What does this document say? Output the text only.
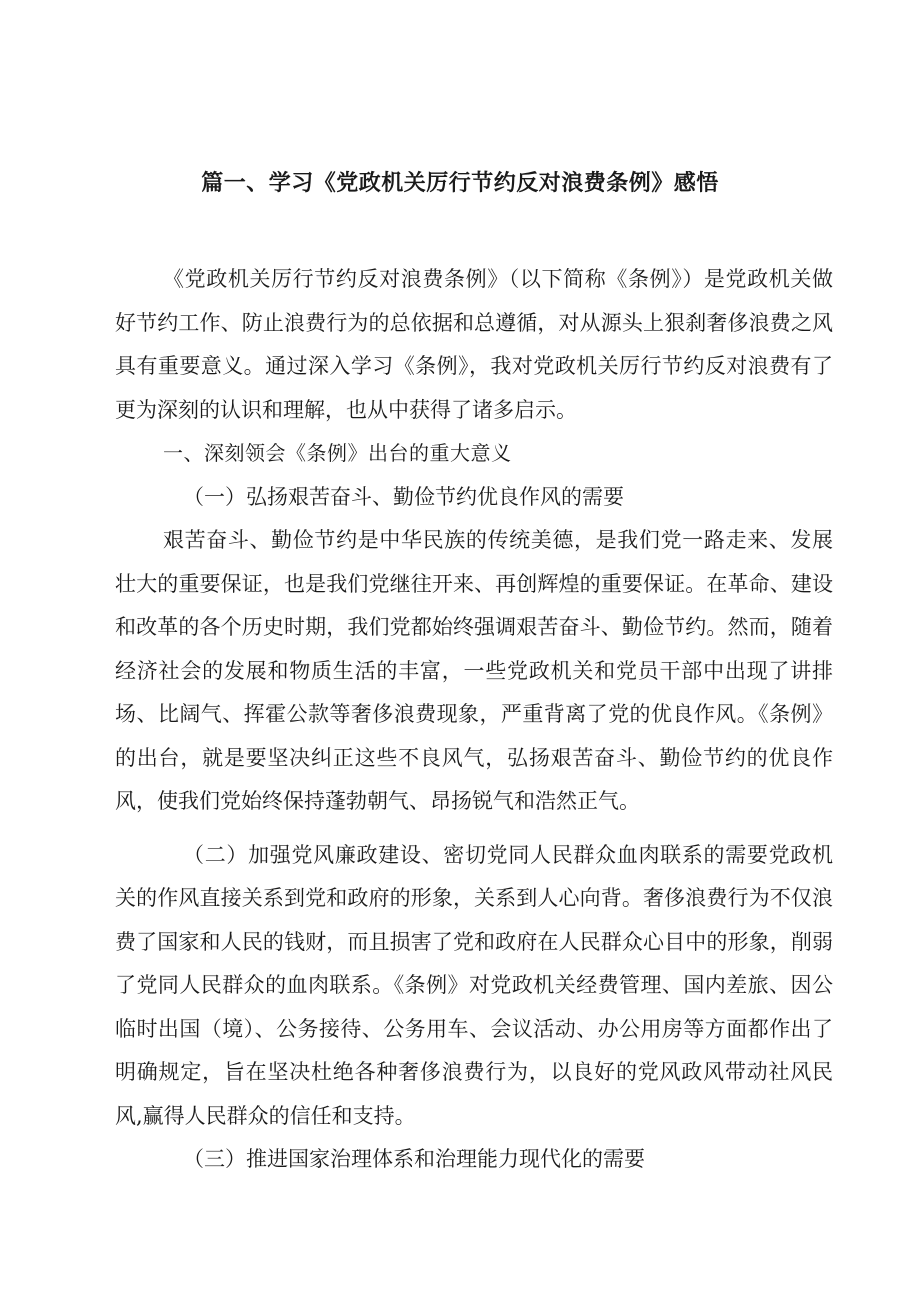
篇一、学习《党政机关厉行节约反对浪费条例》感悟

《党政机关厉行节约反对浪费条例》（以下简称《条例》）是党政机关做好节约工作、防止浪费行为的总依据和总遵循，对从源头上狠刹奢侈浪费之风具有重要意义。通过深入学习《条例》，我对党政机关厉行节约反对浪费有了更为深刻的认识和理解，也从中获得了诸多启示。

一、深刻领会《条例》出台的重大意义

（一）弘扬艰苦奋斗、勤俭节约优良作风的需要

艰苦奋斗、勤俭节约是中华民族的传统美德，是我们党一路走来、发展壮大的重要保证，也是我们党继往开来、再创辉煌的重要保证。在革命、建设和改革的各个历史时期，我们党都始终强调艰苦奋斗、勤俭节约。然而，随着经济社会的发展和物质生活的丰富，一些党政机关和党员干部中出现了讲排场、比阔气、挥霍公款等奢侈浪费现象，严重背离了党的优良作风。《条例》的出台，就是要坚决纠正这些不良风气，弘扬艰苦奋斗、勤俭节约的优良作风，使我们党始终保持蓬勃朝气、昂扬锐气和浩然正气。

（二）加强党风廉政建设、密切党同人民群众血肉联系的需要党政机关的作风直接关系到党和政府的形象，关系到人心向背。奢侈浪费行为不仅浪费了国家和人民的钱财，而且损害了党和政府在人民群众心目中的形象，削弱了党同人民群众的血肉联系。《条例》对党政机关经费管理、国内差旅、因公临时出国（境）、公务接待、公务用车、会议活动、办公用房等方面都作出了明确规定，旨在坚决杜绝各种奢侈浪费行为，以良好的党风政风带动社风民风,赢得人民群众的信任和支持。

（三）推进国家治理体系和治理能力现代化的需要
